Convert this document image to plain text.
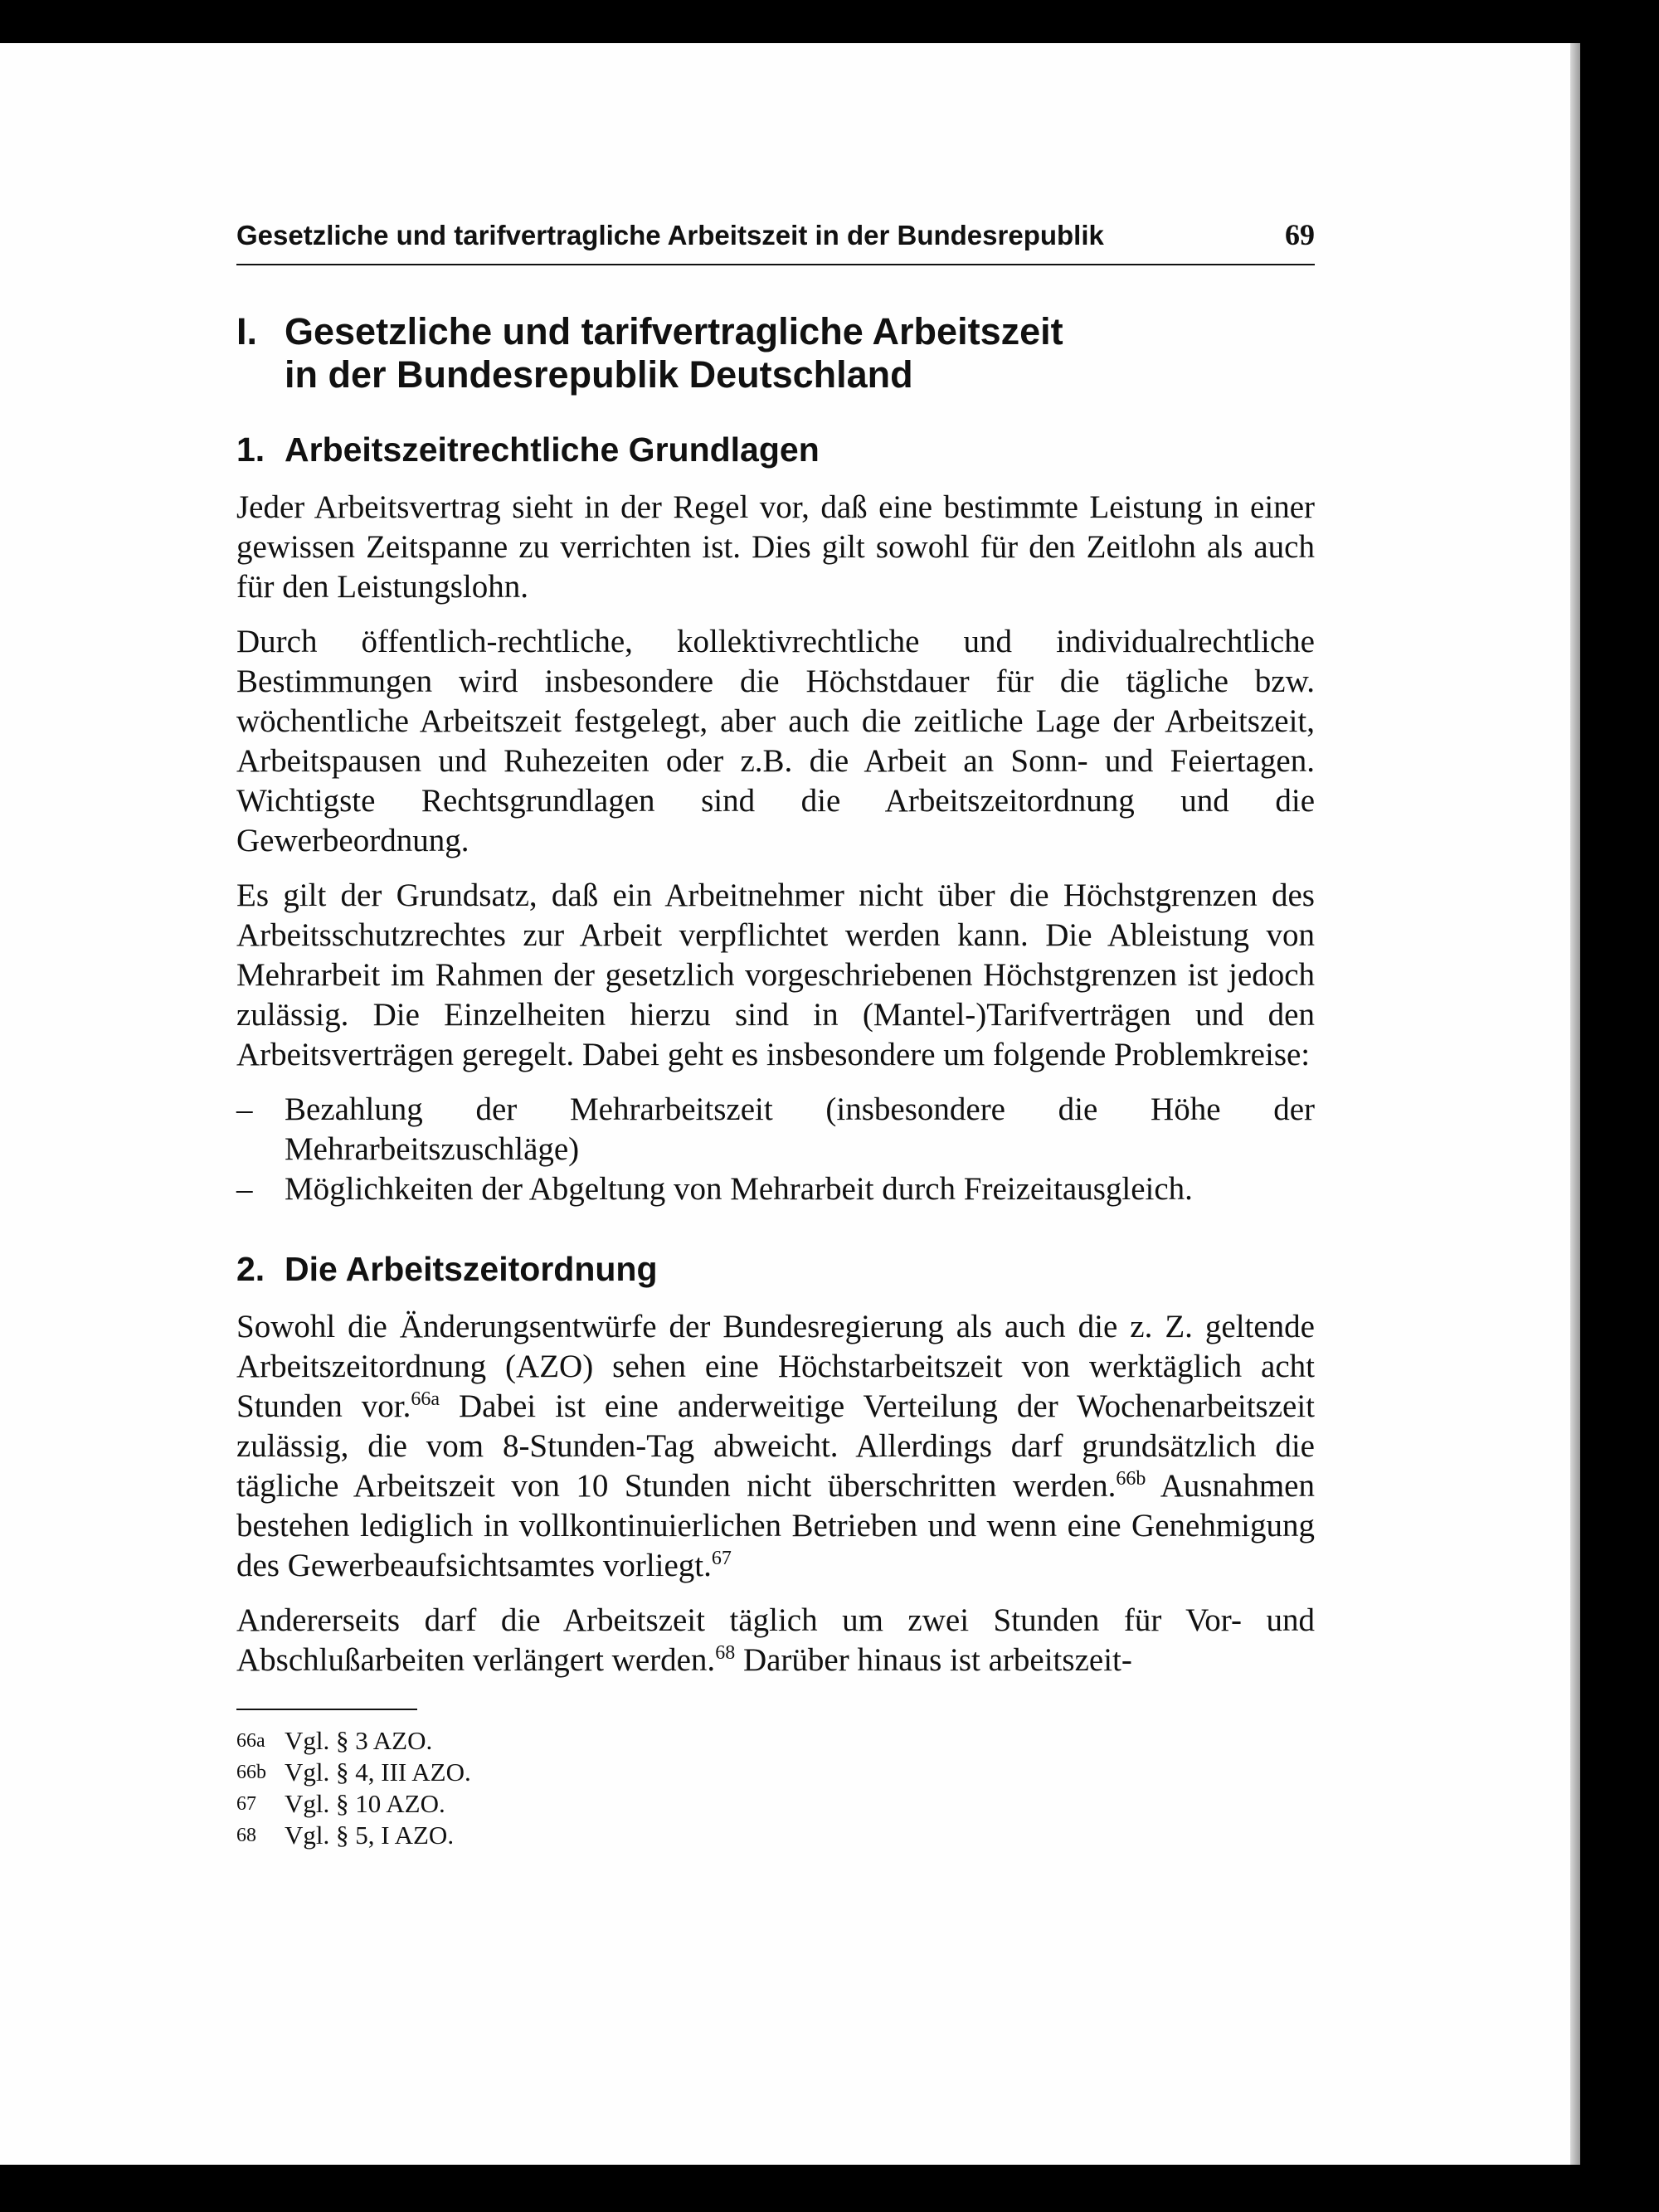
Gesetzliche und tarifvertragliche Arbeitszeit in der Bundesrepublik	69
I. Gesetzliche und tarifvertragliche Arbeitszeit
in der Bundesrepublik Deutschland
1. Arbeitszeitrechtliche Grundlagen

Jeder Arbeitsvertrag sieht in der Regel vor, daß eine bestimmte Leistung in einer gewissen Zeitspanne zu verrichten ist. Dies gilt sowohl für den Zeitlohn als auch für den Leistungslohn.

Durch öffentlich-rechtliche, kollektivrechtliche und individualrechtliche Bestimmungen wird insbesondere die Höchstdauer für die tägliche bzw. wöchentliche Arbeitszeit festgelegt, aber auch die zeitliche Lage der Arbeitszeit, Arbeitspausen und Ruhezeiten oder z.B. die Arbeit an Sonn- und Feiertagen. Wichtigste Rechtsgrundlagen sind die Arbeitszeitordnung und die Gewerbeordnung.

Es gilt der Grundsatz, daß ein Arbeitnehmer nicht über die Höchstgrenzen des Arbeitsschutzrechtes zur Arbeit verpflichtet werden kann. Die Ableistung von Mehrarbeit im Rahmen der gesetzlich vorgeschriebenen Höchstgrenzen ist jedoch zulässig. Die Einzelheiten hierzu sind in (Mantel-)Tarifverträgen und den Arbeitsverträgen geregelt. Dabei geht es insbesondere um folgende Problemkreise:

– Bezahlung der Mehrarbeitszeit (insbesondere die Höhe der Mehrarbeitszuschläge)
– Möglichkeiten der Abgeltung von Mehrarbeit durch Freizeitausgleich.
2. Die Arbeitszeitordnung

Sowohl die Änderungsentwürfe der Bundesregierung als auch die z. Z. geltende Arbeitszeitordnung (AZO) sehen eine Höchstarbeitszeit von werktäglich acht Stunden vor.$^{66a}$ Dabei ist eine anderweitige Verteilung der Wochenarbeitszeit zulässig, die vom 8-Stunden-Tag abweicht. Allerdings darf grundsätzlich die tägliche Arbeitszeit von 10 Stunden nicht überschritten werden.$^{66b}$ Ausnahmen bestehen lediglich in vollkontinuierlichen Betrieben und wenn eine Genehmigung des Gewerbeaufsichtsamtes vorliegt.$^{67}$

Andererseits darf die Arbeitszeit täglich um zwei Stunden für Vor- und Abschlußarbeiten verlängert werden.$^{68}$ Darüber hinaus ist arbeitszeit-

66a Vgl. § 3 AZO.
66b Vgl. § 4, III AZO.
67	Vgl. § 10 AZO.
68	Vgl. § 5, I AZO.
